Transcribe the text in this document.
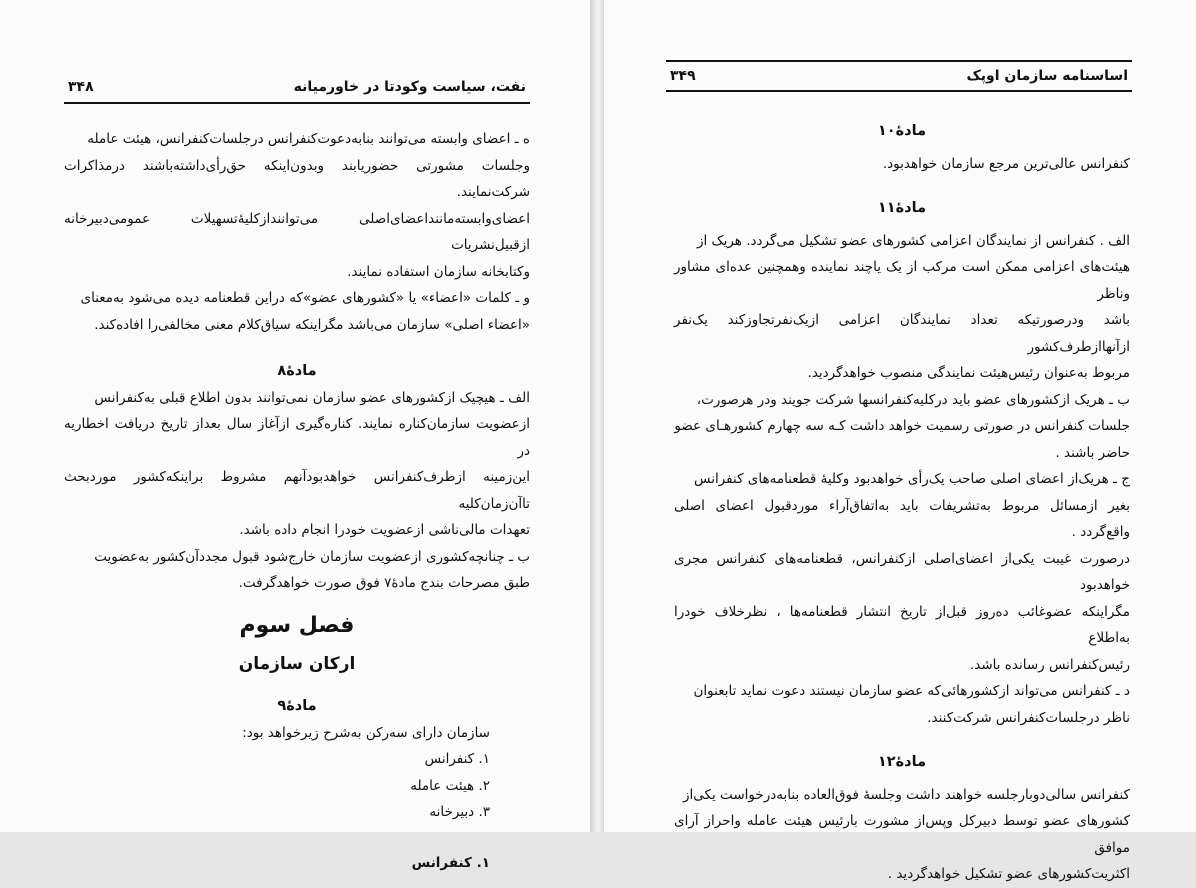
نفت، سیاست وکودتا در خاورمیانه
۳۴۸

ه ـ اعضای وابسته می‌توانند بنابه‌دعوت‌کنفرانس درجلسات‌کنفرانس، هیئت عامله
وجلسات مشورتی حضوریابند وبدون‌اینکه حق‌رأی‌داشته‌باشند درمذاکرات شرکت‌نمایند.
اعضای‌وابسته‌مانند‌اعضای‌اصلی می‌توانندازکلیهٔ‌تسهیلات عمومی‌دبیرخانه ازقبیل‌نشریات
وکتابخانه سازمان استفاده نمایند.

و ـ کلمات «اعضاء» یا «کشورهای عضو»که دراین قطعنامه دیده می‌شود به‌معنای
«اعضاء اصلی» سازمان می‌باشد مگراینکه سیاق‌کلام معنی مخالفی‌را افاده‌کند.

مادهٔ۸

الف ـ هیچیک ازکشورهای عضو سازمان نمی‌توانند بدون اطلاع قبلی به‌کنفرانس
ازعضویت سازمان‌کناره نمایند. کناره‌گیری ازآغاز سال بعداز تاریخ دریافت اخطاریه در
این‌زمینه ازطرف‌کنفرانس خواهدبودآنهم مشروط براینکه‌کشور موردبحث تاآن‌زمان‌کلیه
تعهدات مالی‌ناشی ازعضویت خودرا انجام داده باشد.

ب ـ چنانچه‌کشوری ازعضویت سازمان خارج‌شود قبول مجددآن‌کشور به‌عضویت
طبق مصرحات بندج مادهٔ۷ فوق صورت خواهدگرفت.

فصل سوم

ارکان سازمان

مادهٔ۹

سازمان دارای سه‌رکن به‌شرح زیرخواهد بود:

۱. کنفرانس
۲. هیئت عامله
۳. دبیرخانه

۱. کنفرانس

اساسنامه سازمان اوپک
۳۴۹

مادهٔ۱۰

کنفرانس عالی‌ترین مرجع سازمان خواهدبود.

مادهٔ۱۱

الف . کنفرانس از نمایندگان اعزامی کشورهای عضو تشکیل می‌گردد. هریک از
هیئت‌های اعزامی ممکن است مرکب از یک یاچند نماینده وهمچنین عده‌ای مشاور وناظر
باشد ودرصورتیکه تعداد نمایندگان اعزامی ازیک‌نفرتجاوزکند یک‌نفر ازآنهاازطرف‌کشور
مربوط به‌عنوان رئیس‌هیئت نمایندگی منصوب خواهدگردید.

ب ـ هریک ازکشورهای عضو باید درکلیه‌کنفرانسها شرکت جویند ودر هرصورت،
جلسات کنفرانس در صورتی رسمیت خواهد داشت کـه سه چهارم کشورهـای عضو
حاضر باشند .

ج ـ هریک‌از اعضای اصلی صاحب یک‌رأی خواهدبود وکلیهٔ قطعنامه‌های کنفرانس
بغیر ازمسائل مربوط به‌تشریفات باید به‌اتفاق‌آراء موردقبول اعضای اصلی واقع‌گردد .
درصورت غیبت یکی‌از اعضای‌اصلی ازکنفرانس، قطعنامه‌های کنفرانس مجری خواهدبود
مگراینکه عضوغائب ده‌روز قبل‌از تاریخ انتشار قطعنامه‌ها ، نظرخلاف خودرا به‌اطلاع
رئیس‌کنفرانس رسانده باشد.

د ـ کنفرانس می‌تواند ازکشورهائی‌که عضو سازمان نیستند دعوت نماید تابعنوان
ناظر درجلسات‌کنفرانس شرکت‌کنند.

مادهٔ۱۲

کنفرانس سالی‌دوبارجلسه خواهند داشت وجلسهٔ فوق‌العاده بنابه‌درخواست یکی‌از
کشورهای عضو توسط دبیرکل وپس‌از مشورت بارئیس هیئت عامله واحراز آرای موافق
اکثریت‌کشورهای عضو تشکیل خواهدگردید .
